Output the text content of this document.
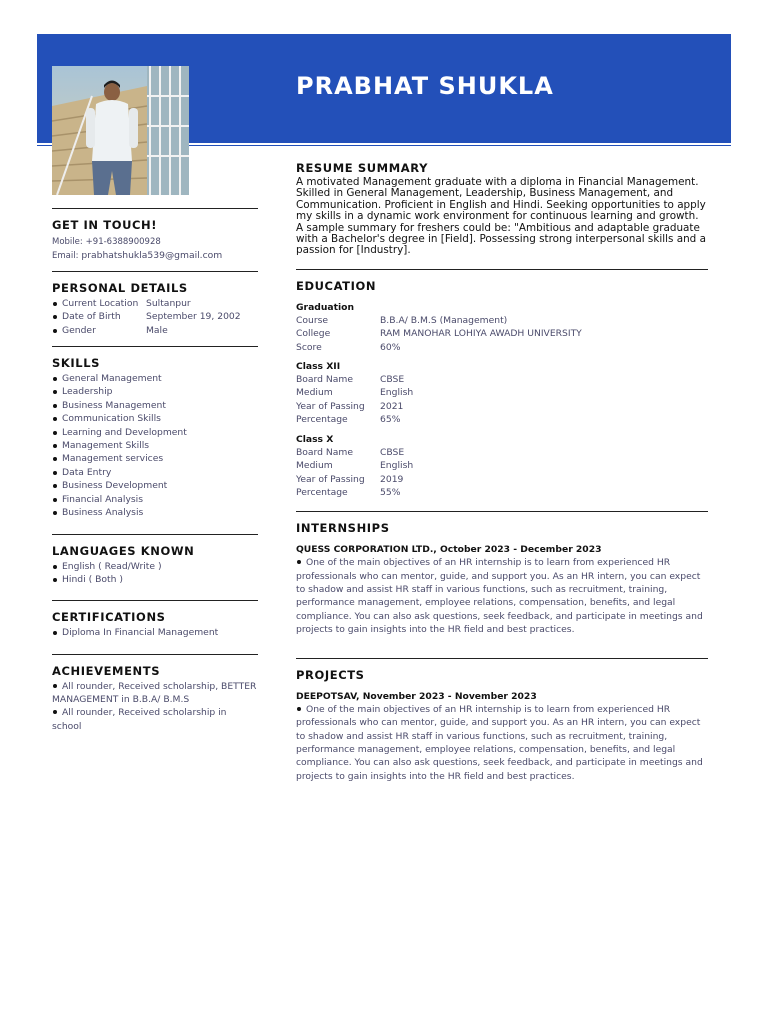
PRABHAT SHUKLA
GET IN TOUCH!
Mobile: +91-6388900928
Email: prabhatshukla539@gmail.com
PERSONAL DETAILS
Current Location Sultanpur
Date of Birth	September 19, 2002
Gender	Male
SKILLS
General Management
Leadership
Business Management
Communication Skills
Learning and Development
Management Skills
Management services
Data Entry
Business Development
Financial Analysis
Business Analysis
LANGUAGES KNOWN
English ( Read/Write )
Hindi ( Both )
CERTIFICATIONS
Diploma In Financial Management
ACHIEVEMENTS
All rounder, Received scholarship, BETTER MANAGEMENT in B.B.A/ B.M.S
All rounder, Received scholarship in school
RESUME SUMMARY

A motivated Management graduate with a diploma in Financial Management. Skilled in General Management, Leadership, Business Management, and Communication. Proficient in English and Hindi. Seeking opportunities to apply my skills in a dynamic work environment for continuous learning and growth. A sample summary for freshers could be: "Ambitious and adaptable graduate with a Bachelor's degree in [Field]. Possessing strong interpersonal skills and a passion for [Industry].

EDUCATION
Graduation
Course	B.B.A/ B.M.S (Management)
College	RAM MANOHAR LOHIYA AWADH UNIVERSITY
Score	60%
Class XII
Board Name	CBSE
Medium	English
Year of Passing	2021
Percentage	65%
Class X
Board Name	CBSE
Medium	English
Year of Passing	2019
Percentage	55%
INTERNSHIPS
QUESS CORPORATION LTD., October 2023 - December 2023

One of the main objectives of an HR internship is to learn from experienced HR professionals who can mentor, guide, and support you. As an HR intern, you can expect to shadow and assist HR staff in various functions, such as recruitment, training, performance management, employee relations, compensation, benefits, and legal compliance. You can also ask questions, seek feedback, and participate in meetings and projects to gain insights into the HR field and best practices.

PROJECTS
DEEPOTSAV, November 2023 - November 2023

One of the main objectives of an HR internship is to learn from experienced HR professionals who can mentor, guide, and support you. As an HR intern, you can expect to shadow and assist HR staff in various functions, such as recruitment, training, performance management, employee relations, compensation, benefits, and legal compliance. You can also ask questions, seek feedback, and participate in meetings and projects to gain insights into the HR field and best practices.
